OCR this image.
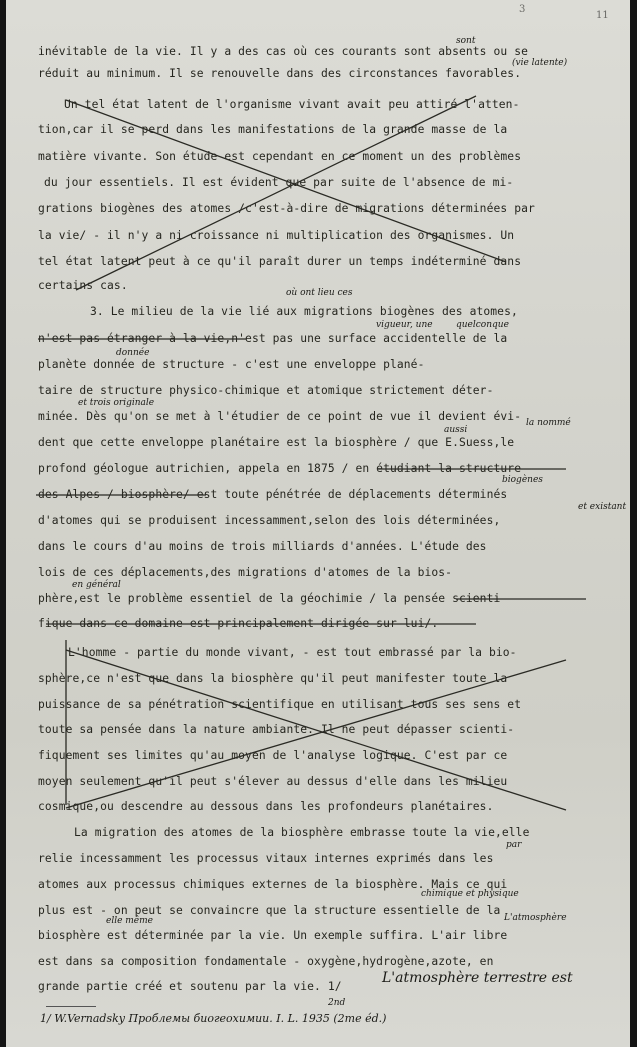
3
11

inévitable de la vie. Il y a des cas où ces courants sont absents ou se

réduit au minimum. Il se renouvelle dans des circonstances favorables.

Un tel état latent de l'organisme vivant avait peu attiré l'atten-

tion,car il se perd dans les manifestations de la grande masse de la

matière vivante. Son étude est cependant en ce moment un des problèmes

du jour essentiels. Il est évident que par suite de l'absence de mi-

grations biogènes des atomes /c'est-à-dire de migrations déterminées par

la vie/ - il n'y a ni croissance ni multiplication des organismes. Un

tel état latent peut à ce qu'il paraît durer un temps indéterminé dans

certains cas.

3. Le milieu de la vie lié aux migrations biogènes des atomes,

n'est pas étranger à la vie,n'est pas une surface accidentelle de la

planète donnée de structure - c'est une enveloppe plané-

taire de structure physico-chimique et atomique strictement déter-

minée. Dès qu'on se met à l'étudier de ce point de vue il devient évi-

dent que cette enveloppe planétaire est la biosphère / que E.Suess,le

profond géologue autrichien, appela en 1875 / en étudiant la structure

des Alpes / biosphère/ est toute pénétrée de déplacements déterminés

d'atomes qui se produisent incessamment,selon des lois déterminées,

dans le cours d'au moins de trois milliards d'années. L'étude des

lois de ces déplacements,des migrations d'atomes de la bios-

phère,est le problème essentiel de la géochimie / la pensée scienti-

fique dans ce domaine est principalement dirigée sur lui/.

L'homme - partie du monde vivant, - est tout embrassé par la bio-

sphère,ce n'est que dans la biosphère qu'il peut manifester toute la

puissance de sa pénétration scientifique en utilisant tous ses sens et

toute sa pensée dans la nature ambiante. Il ne peut dépasser scienti-

fiquement ses limites qu'au moyen de l'analyse logique. C'est par ce

moyen seulement qu'il peut s'élever au dessus d'elle dans les milieu

cosmique,ou descendre au dessous dans les profondeurs planétaires.

La migration des atomes de la biosphère embrasse toute la vie,elle

relie incessamment les processus vitaux internes exprimés dans les

atomes aux processus chimiques externes de la biosphère. Mais ce qui

plus est - on peut se convaincre que la structure essentielle de la

biosphère est déterminée par la vie. Un exemple suffira. L'air libre

est dans sa composition fondamentale - oxygène,hydrogène,azote, en

grande partie créé et soutenu par la vie. 1/

sont
(vie latente)
où ont lieu ces
vigueur, une	quelconque
donnée
et trois originale
aussi
la nommé
biogènes
et existant
en général
par
chimique et physique
elle même	L'atmosphère
L'atmosphère terrestre est
2nd
1/ W.Vernadsky Проблемы биогеохимии. I. L. 1935 (2me éd.)
